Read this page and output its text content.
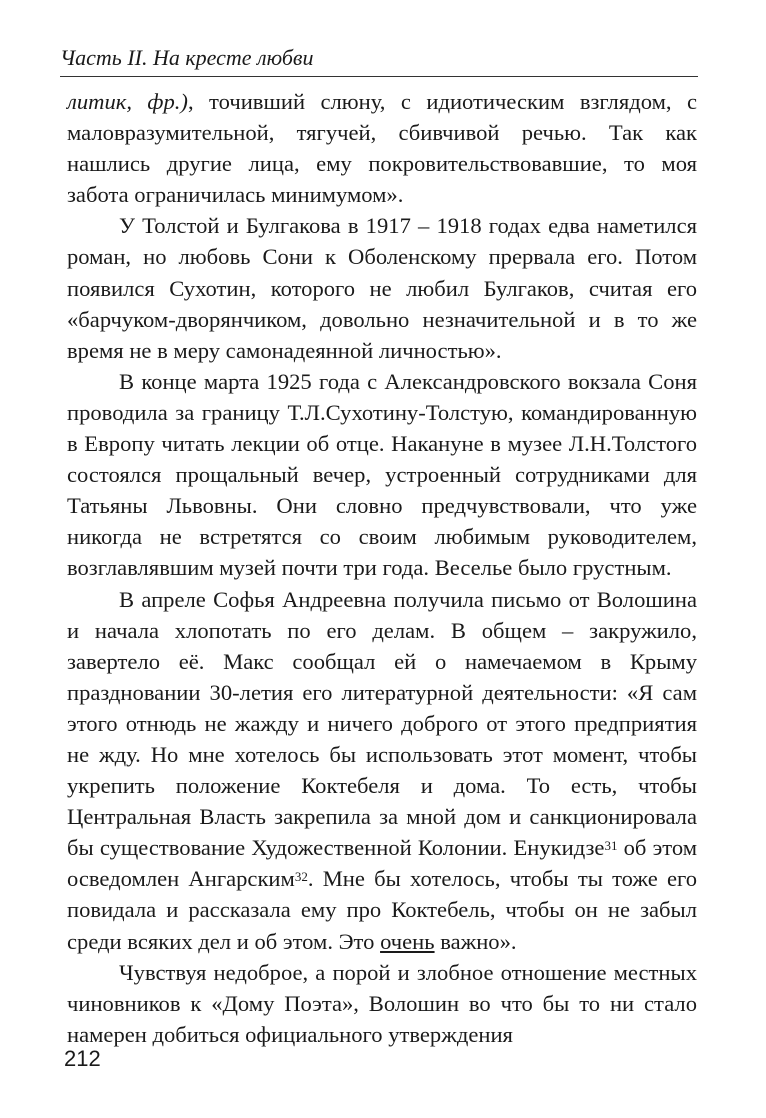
Часть II. На кресте любви

литик, фр.), точивший слюну, с идиотическим взглядом, с маловразумительной, тягучей, сбивчивой речью. Так как нашлись другие лица, ему покровительствовавшие, то моя забота ограничилась минимумом».

У Толстой и Булгакова в 1917 – 1918 годах едва наметился роман, но любовь Сони к Оболенскому прервала его. Потом появился Сухотин, которого не любил Булгаков, считая его «барчуком-дворянчиком, довольно незначительной и в то же время не в меру самонадеянной личностью».

В конце марта 1925 года с Александровского вокзала Соня проводила за границу Т.Л.Сухотину-Толстую, командированную в Европу читать лекции об отце. Накануне в музее Л.Н.Толстого состоялся прощальный вечер, устроенный сотрудниками для Татьяны Львовны. Они словно предчувствовали, что уже никогда не встретятся со своим любимым руководителем, возглавлявшим музей почти три года. Веселье было грустным.

В апреле Софья Андреевна получила письмо от Волошина и начала хлопотать по его делам. В общем – закружило, завертело её. Макс сообщал ей о намечаемом в Крыму праздновании 30-летия его литературной деятельности: «Я сам этого отнюдь не жажду и ничего доброго от этого предприятия не жду. Но мне хотелось бы использовать этот момент, чтобы укрепить положение Коктебеля и дома. То есть, чтобы Центральная Власть закрепила за мной дом и санкционировала бы существование Художественной Колонии. Енукидзе$^{31}$ об этом осведомлен Ангарским$^{32}$. Мне бы хотелось, чтобы ты тоже его повидала и рассказала ему про Коктебель, чтобы он не забыл среди всяких дел и об этом. Это очень важно».

Чувствуя недоброе, а порой и злобное отношение местных чиновников к «Дому Поэта», Волошин во что бы то ни стало намерен добиться официального утверждения

212
